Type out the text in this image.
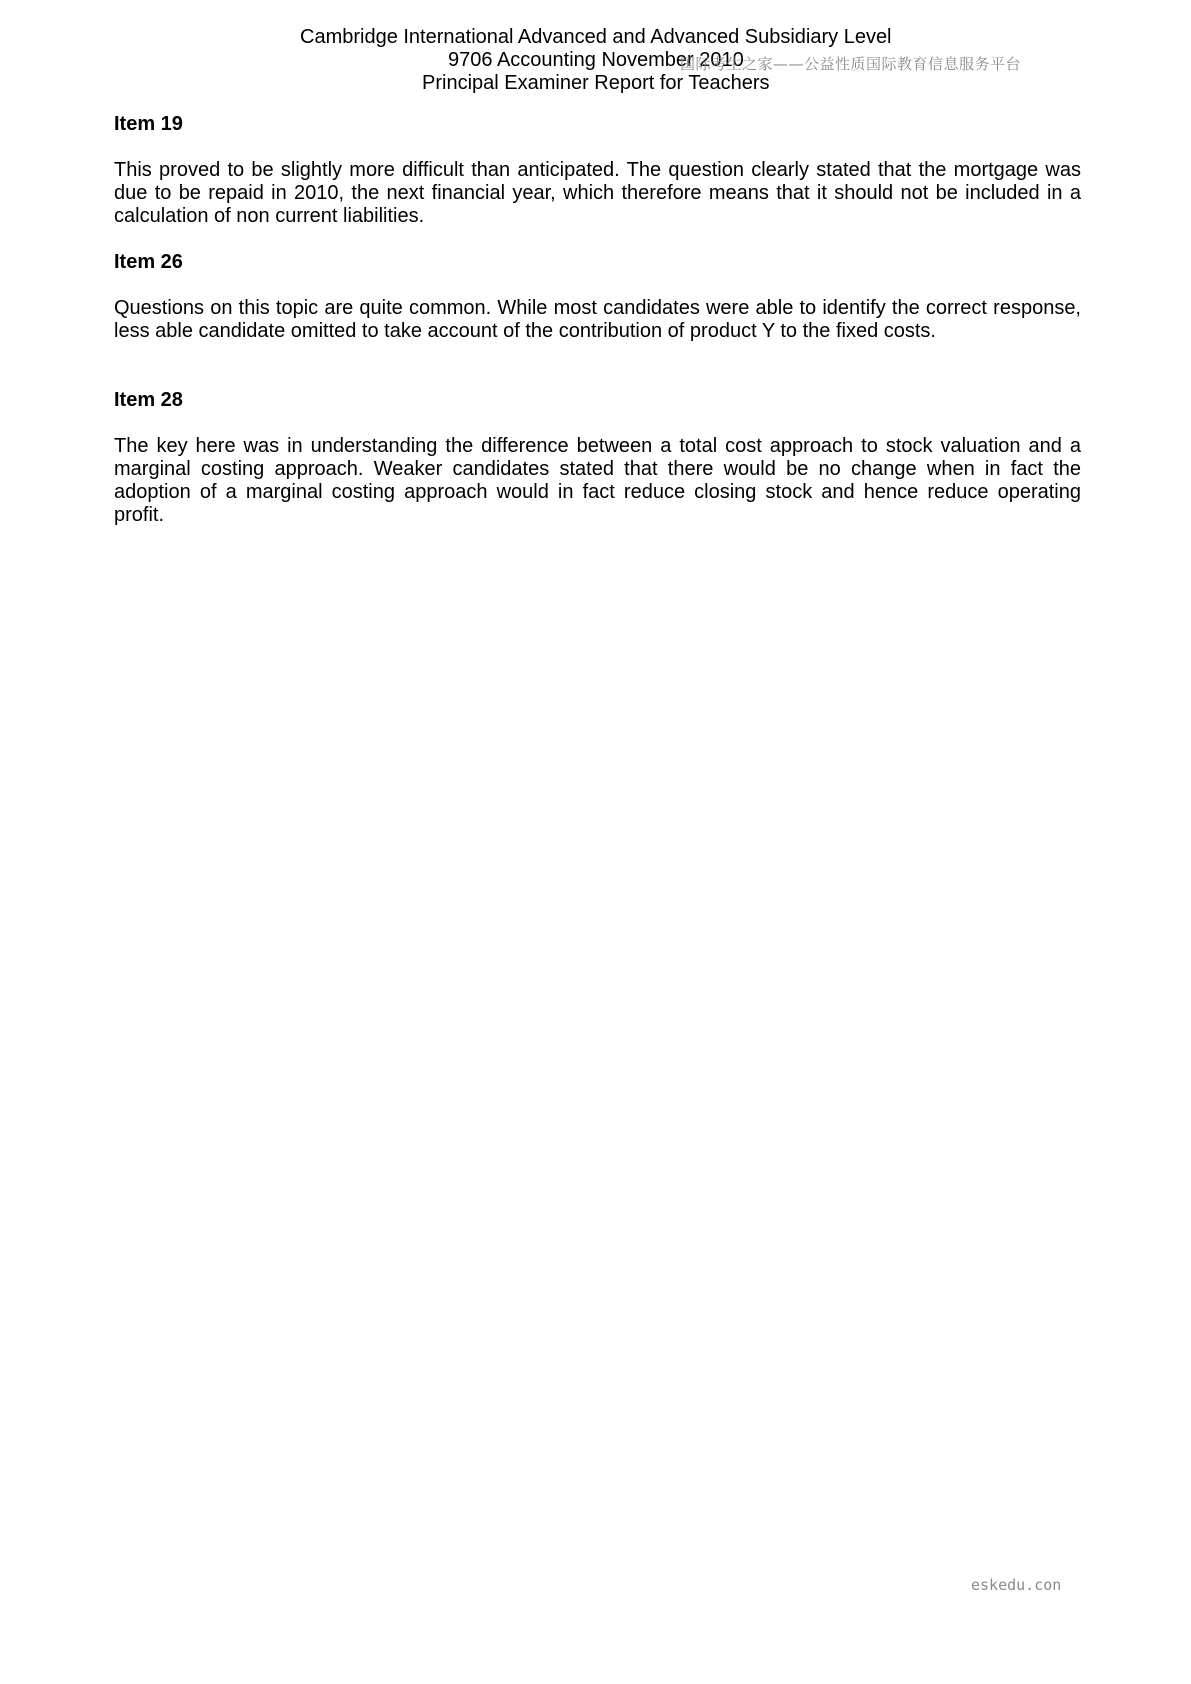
Cambridge International Advanced and Advanced Subsidiary Level
9706 Accounting November 2010
Principal Examiner Report for Teachers
国际考生之家——公益性质国际教育信息服务平台

Item 19

This proved to be slightly more difficult than anticipated. The question clearly stated that the mortgage was due to be repaid in 2010, the next financial year, which therefore means that it should not be included in a calculation of non current liabilities.

Item 26

Questions on this topic are quite common. While most candidates were able to identify the correct response, less able candidate omitted to take account of the contribution of product Y to the fixed costs.

Item 28

The key here was in understanding the difference between a total cost approach to stock valuation and a marginal costing approach. Weaker candidates stated that there would be no change when in fact the adoption of a marginal costing approach would in fact reduce closing stock and hence reduce operating profit.

eskedu.con
